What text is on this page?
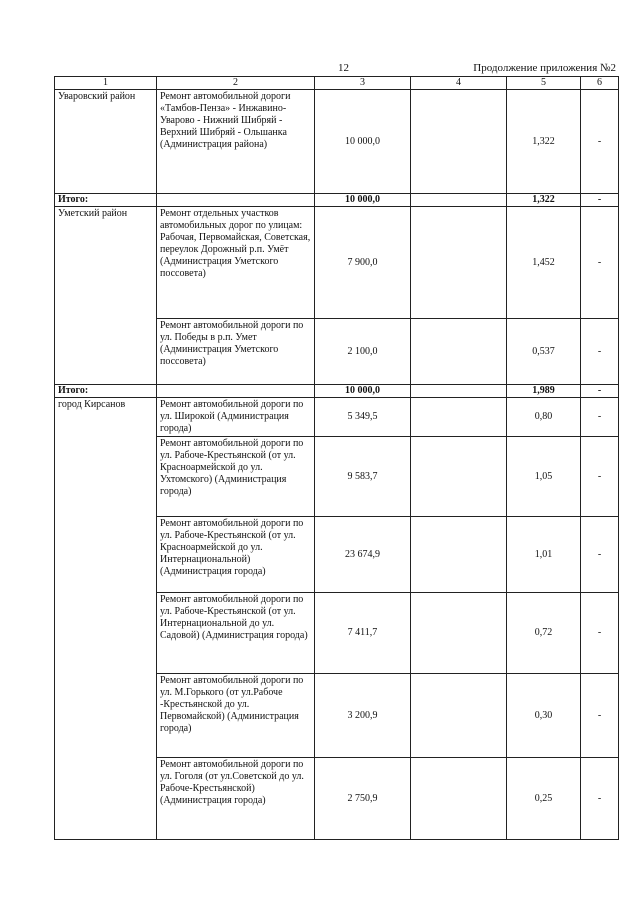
12	Продолжение приложения №2
1	2	3	4	5	6
Уваровский район	Ремонт автомобильной дороги «Тамбов-Пенза» - Инжавино-Уварово - Нижний Шибряй - Верхний Шибряй - Ольшанка (Администрация района)	10 000,0		1,322	-
Итого:		10 000,0		1,322	-
Уметский район	Ремонт отдельных участков автомобильных дорог по улицам: Рабочая, Первомайская, Советская, переулок Дорожный р.п. Умёт (Администрация Уметского поссовета)	7 900,0		1,452	-
	Ремонт автомобильной дороги по ул. Победы в р.п. Умет (Администрация Уметского поссовета)	2 100,0		0,537	-
Итого:		10 000,0		1,989	-
город Кирсанов	Ремонт автомобильной дороги по ул. Широкой (Администрация города)	5 349,5		0,80	-
	Ремонт автомобильной дороги по ул. Рабоче-Крестьянской (от ул. Красноармейской до ул. Ухтомского) (Администрация города)	9 583,7		1,05	-
	Ремонт автомобильной дороги по ул. Рабоче-Крестьянской (от ул. Красноармейской до ул. Интернациональной) (Администрация города)	23 674,9		1,01	-
	Ремонт автомобильной дороги по ул. Рабоче-Крестьянской (от ул. Интернациональной до ул. Садовой) (Администрация города)	7 411,7		0,72	-
	Ремонт автомобильной дороги по ул. М.Горького (от ул.Рабоче -Крестьянской до ул. Первомайской) (Администрация города)	3 200,9		0,30	-
	Ремонт автомобильной дороги по ул. Гоголя (от ул.Советской до ул. Рабоче-Крестьянской) (Администрация города)	2 750,9		0,25	-
